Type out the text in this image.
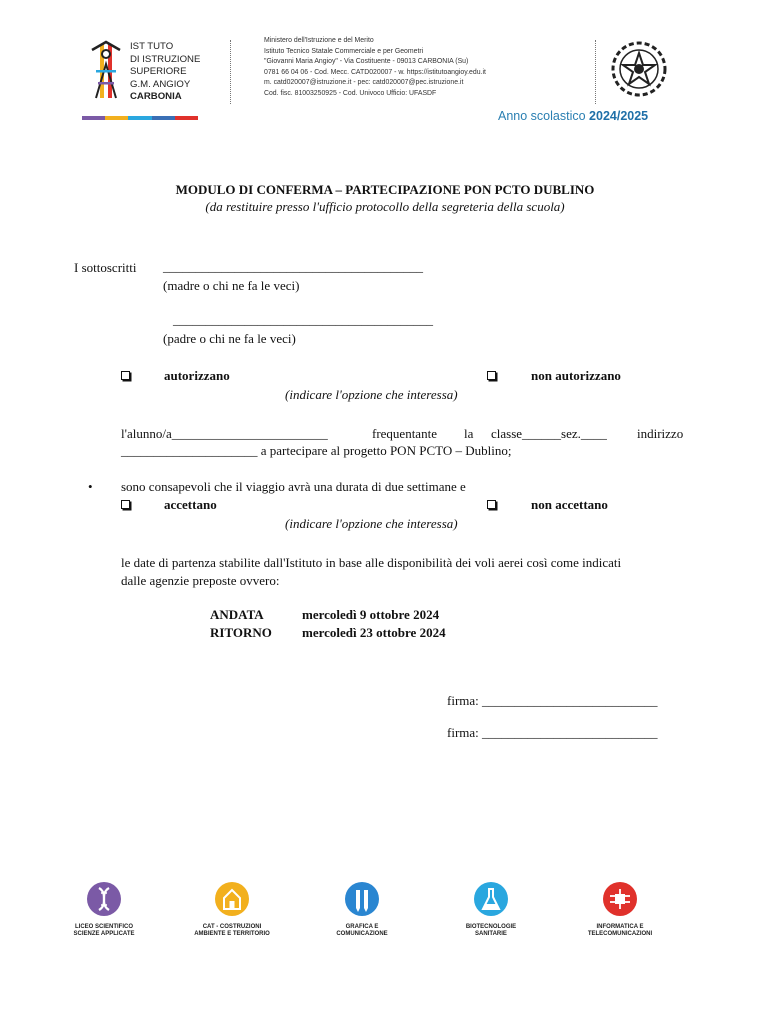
IST TUTO
DI ISTRUZIONE
SUPERIORE
G.M. ANGIOY
CARBONIA
Ministero dell'Istruzione e del Merito
Istituto Tecnico Statale Commerciale e per Geometri
"Giovanni Maria Angioy" - Via Costituente - 09013 CARBONIA (Su)
0781 66 04 06 - Cod. Mecc. CATD020007 - w. https://istitutoangioy.edu.it
m. catd020007@istruzione.it - pec: catd020007@pec.istruzione.it
Cod. fisc. 81003250925 - Cod. Univoco Ufficio: UFASDF
Anno scolastico 2024/2025
MODULO DI CONFERMA – PARTECIPAZIONE PON PCTO DUBLINO
(da restituire presso l'ufficio protocollo della segreteria della scuola)
I sottoscritti ________________________________________
(madre o chi ne fa le veci)
________________________________________
(padre o chi ne fa le veci)
autorizzano	non autorizzano
(indicare l'opzione che interessa)
l'alunno/a________________________	frequentante la classe______sez.____ indirizzo
_____________________ a partecipare al progetto PON PCTO – Dublino;
• sono consapevoli che il viaggio avrà una durata di due settimane e
accettano	non accettano
(indicare l'opzione che interessa)
le date di partenza stabilite dall'Istituto in base alle disponibilità dei voli aerei così come indicati
dalle agenzie preposte ovvero:
ANDATA	mercoledì 9 ottobre 2024
RITORNO mercoledì 23 ottobre 2024
firma: ___________________________
firma: ___________________________
LICEO SCIENTIFICO
SCIENZE APPLICATE
CAT - COSTRUZIONI
AMBIENTE E TERRITORIO
GRAFICA E
COMUNICAZIONE
BIOTECNOLOGIE
SANITARIE
INFORMATICA E
TELECOMUNICAZIONI
